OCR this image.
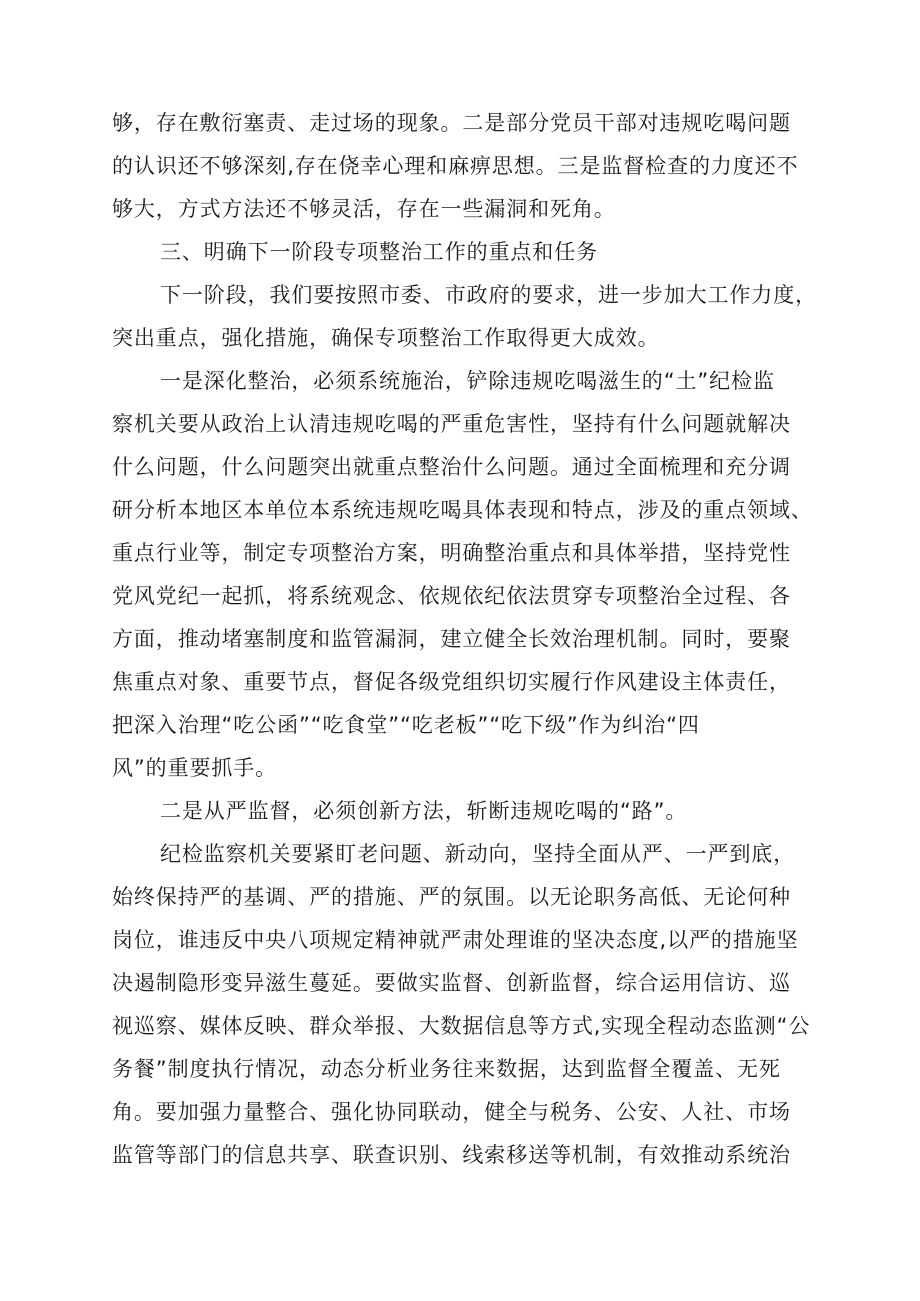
够，存在敷衍塞责、走过场的现象。二是部分党员干部对违规吃喝问题
的认识还不够深刻,存在侥幸心理和麻痹思想。三是监督检查的力度还不
够大，方式方法还不够灵活，存在一些漏洞和死角。
三、明确下一阶段专项整治工作的重点和任务
下一阶段，我们要按照市委、市政府的要求，进一步加大工作力度，
突出重点，强化措施，确保专项整治工作取得更大成效。
一是深化整治，必须系统施治，铲除违规吃喝滋生的“土”纪检监
察机关要从政治上认清违规吃喝的严重危害性，坚持有什么问题就解决
什么问题，什么问题突出就重点整治什么问题。通过全面梳理和充分调
研分析本地区本单位本系统违规吃喝具体表现和特点，涉及的重点领域、
重点行业等，制定专项整治方案，明确整治重点和具体举措，坚持党性
党风党纪一起抓，将系统观念、依规依纪依法贯穿专项整治全过程、各
方面，推动堵塞制度和监管漏洞，建立健全长效治理机制。同时，要聚
焦重点对象、重要节点，督促各级党组织切实履行作风建设主体责任，
把深入治理“吃公函”“吃食堂”“吃老板”“吃下级”作为纠治“四
风”的重要抓手。
二是从严监督，必须创新方法，斩断违规吃喝的“路”。
纪检监察机关要紧盯老问题、新动向，坚持全面从严、一严到底，
始终保持严的基调、严的措施、严的氛围。以无论职务高低、无论何种
岗位，谁违反中央八项规定精神就严肃处理谁的坚决态度,以严的措施坚
决遏制隐形变异滋生蔓延。要做实监督、创新监督，综合运用信访、巡
视巡察、媒体反映、群众举报、大数据信息等方式,实现全程动态监测“公
务餐”制度执行情况，动态分析业务往来数据，达到监督全覆盖、无死
角。要加强力量整合、强化协同联动，健全与税务、公安、人社、市场
监管等部门的信息共享、联查识别、线索移送等机制，有效推动系统治
